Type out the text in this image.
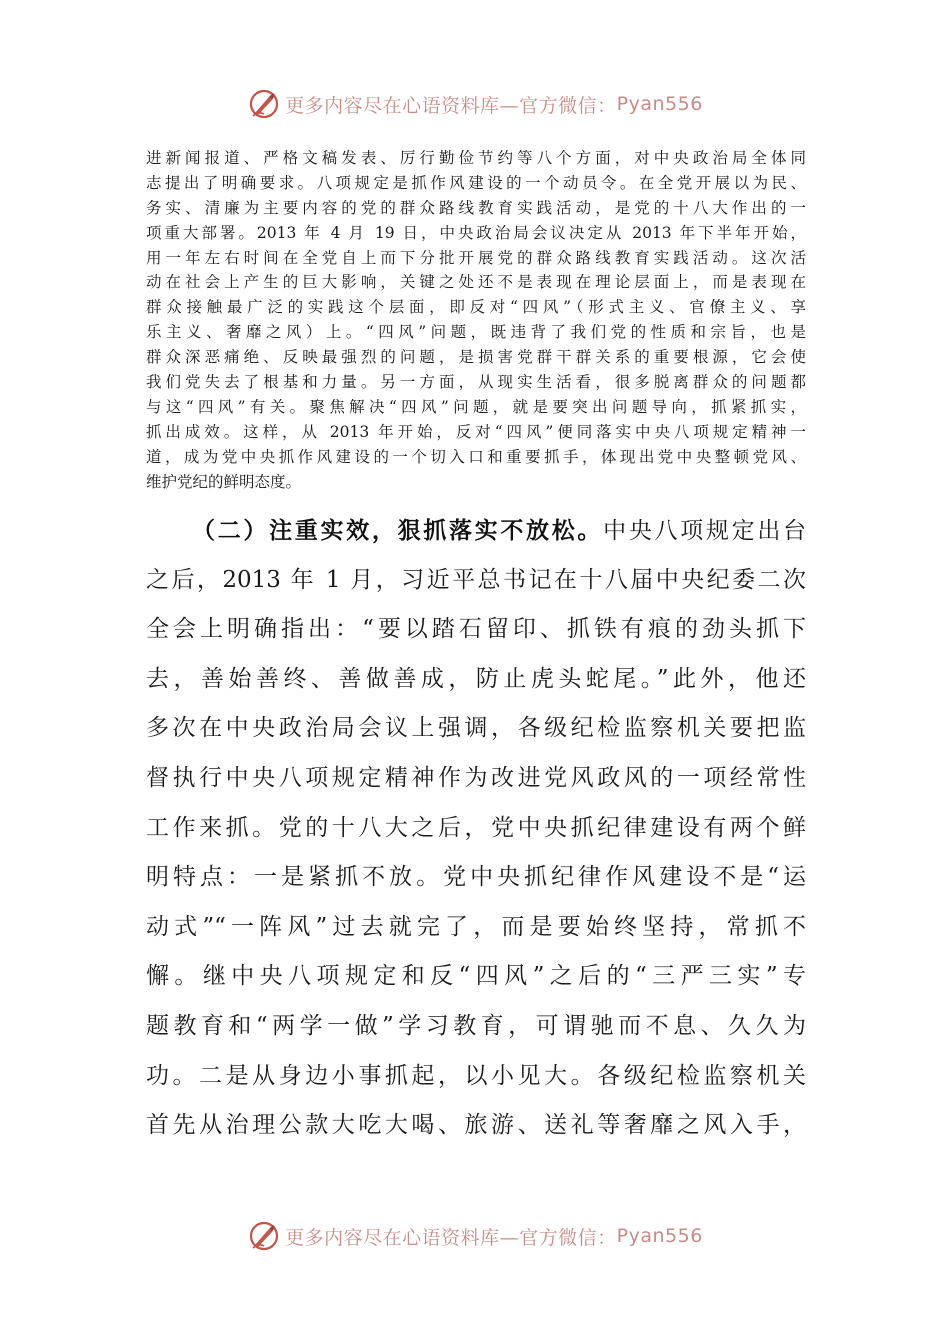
更多内容尽在心语资料库—官方微信： Pyan556
进新闻报道、严格文稿发表、厉行勤俭节约等八个方面，对中央政治局全体同
志提出了明确要求。八项规定是抓作风建设的一个动员令。在全党开展以为民、
务实、清廉为主要内容的党的群众路线教育实践活动，是党的十八大作出的一
项重大部署。2013 年 4 月 19 日，中央政治局会议决定从 2013 年下半年开始，
用一年左右时间在全党自上而下分批开展党的群众路线教育实践活动。这次活
动在社会上产生的巨大影响，关键之处还不是表现在理论层面上，而是表现在
群众接触最广泛的实践这个层面，即反对“四风”（形式主义、官僚主义、享
乐主义、奢靡之风）上。“四风”问题，既违背了我们党的性质和宗旨，也是
群众深恶痛绝、反映最强烈的问题，是损害党群干群关系的重要根源，它会使
我们党失去了根基和力量。另一方面，从现实生活看，很多脱离群众的问题都
与这“四风”有关。聚焦解决“四风”问题，就是要突出问题导向，抓紧抓实，
抓出成效。这样，从 2013 年开始，反对“四风”便同落实中央八项规定精神一
道，成为党中央抓作风建设的一个切入口和重要抓手，体现出党中央整顿党风、
维护党纪的鲜明态度。
（二）注重实效，狠抓落实不放松。中央八项规定出台
之后，2013 年 1 月，习近平总书记在十八届中央纪委二次
全会上明确指出：“要以踏石留印、抓铁有痕的劲头抓下
去，善始善终、善做善成，防止虎头蛇尾。”此外，他还
多次在中央政治局会议上强调，各级纪检监察机关要把监
督执行中央八项规定精神作为改进党风政风的一项经常性
工作来抓。党的十八大之后，党中央抓纪律建设有两个鲜
明特点：一是紧抓不放。党中央抓纪律作风建设不是“运
动式”“一阵风”过去就完了，而是要始终坚持，常抓不
懈。继中央八项规定和反“四风”之后的“三严三实”专
题教育和“两学一做”学习教育，可谓驰而不息、久久为
功。二是从身边小事抓起，以小见大。各级纪检监察机关
首先从治理公款大吃大喝、旅游、送礼等奢靡之风入手，
更多内容尽在心语资料库—官方微信： Pyan556
